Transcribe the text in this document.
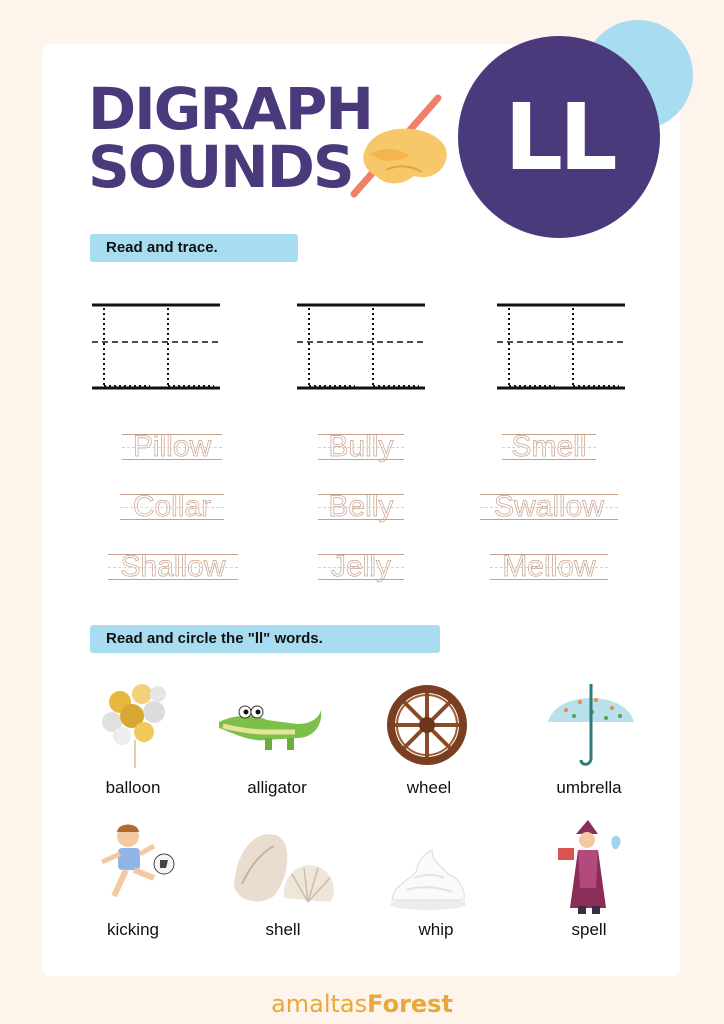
LL
DIGRAPH
SOUNDS
Read and trace.
Pillow	Bully	Smell
Collar	Belly	Swallow
Shallow	Jelly	Mellow
Read and circle the "ll" words.
balloon	alligator	wheel	umbrella
kicking	shell	whip	spell
amaltasForest
